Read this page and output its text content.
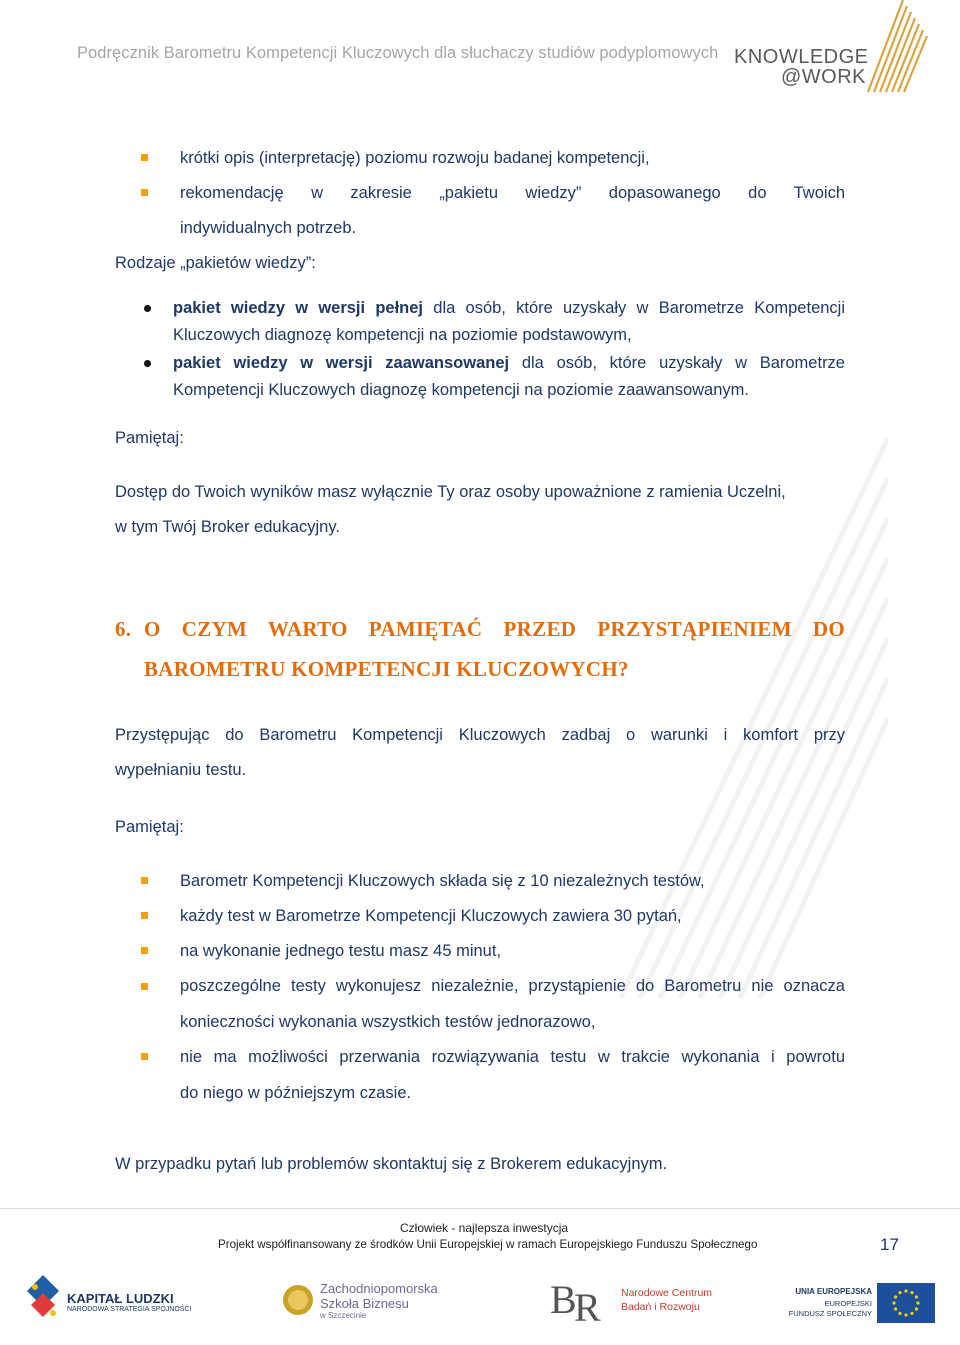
Podręcznik Barometru Kompetencji Kluczowych dla słuchaczy studiów podyplomowych KNOWLEDGE
@WORK
krótki opis (interpretację) poziomu rozwoju badanej kompetencji,
rekomendację w zakresie „pakietu wiedzy” dopasowanego do Twoich
indywidualnych potrzeb.
Rodzaje „pakietów wiedzy”:
pakiet wiedzy w wersji pełnej dla osób, które uzyskały w Barometrze Kompetencji
Kluczowych diagnozę kompetencji na poziomie podstawowym,
pakiet wiedzy w wersji zaawansowanej dla osób, które uzyskały w Barometrze
Kompetencji Kluczowych diagnozę kompetencji na poziomie zaawansowanym.
Pamiętaj:
Dostęp do Twoich wyników masz wyłącznie Ty oraz osoby upoważnione z ramienia Uczelni,
w tym Twój Broker edukacyjny.
6. O CZYM WARTO PAMIĘTAĆ PRZED PRZYSTĄPIENIEM DO
BAROMETRU KOMPETENCJI KLUCZOWYCH?
Przystępując do Barometru Kompetencji Kluczowych zadbaj o warunki i komfort przy
wypełnianiu testu.
Pamiętaj:
Barometr Kompetencji Kluczowych składa się z 10 niezależnych testów,
każdy test w Barometrze Kompetencji Kluczowych zawiera 30 pytań,
na wykonanie jednego testu masz 45 minut,
poszczególne testy wykonujesz niezależnie, przystąpienie do Barometru nie oznacza
konieczności wykonania wszystkich testów jednorazowo,
nie ma możliwości przerwania rozwiązywania testu w trakcie wykonania i powrotu
do niego w późniejszym czasie.
W przypadku pytań lub problemów skontaktuj się z Brokerem edukacyjnym.
Człowiek - najlepsza inwestycja
Projekt współfinansowany ze środków Unii Europejskiej w ramach Europejskiego Funduszu Społecznego	17
KAPITAŁ LUDZKI
NARODOWA STRATEGIA SPÓJNOŚCI
Zachodniopomorska
Szkoła Biznesu
w Szczecinie	B
R Narodowe Centrum
Badań i Rozwoju
UNIA EUROPEJSKA
EUROPEJSKI
FUNDUSZ SPOŁECZNY
